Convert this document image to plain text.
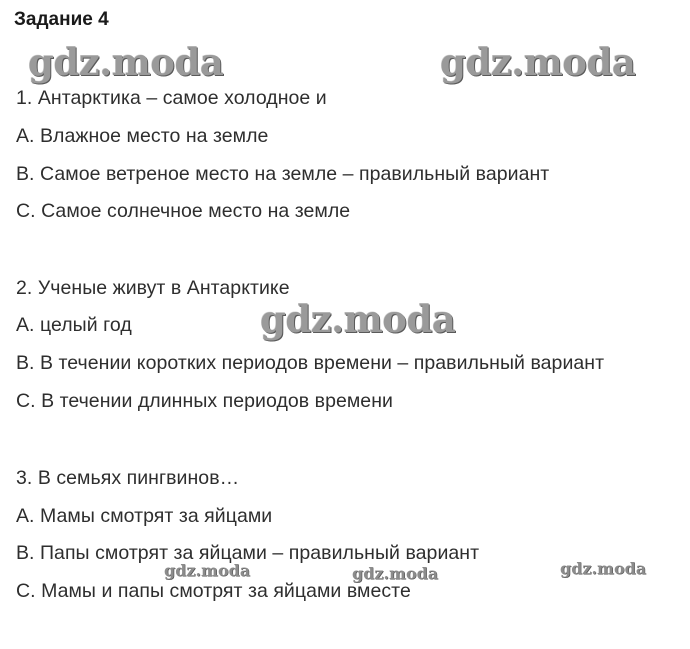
Задание 4
gdz.moda	gdz.moda
gdz.moda
gdz.moda	gdz.moda	gdz.moda
1. Антарктика – самое холодное и
A. Влажное место на земле
B. Самое ветреное место на земле – правильный вариант
C. Самое солнечное место на земле
2. Ученые живут в Антарктике
A. целый год
B. В течении коротких периодов времени – правильный вариант
C. В течении длинных периодов времени
3. В семьях пингвинов…
A. Мамы смотрят за яйцами
B. Папы смотрят за яйцами – правильный вариант
C. Мамы и папы смотрят за яйцами вместе
